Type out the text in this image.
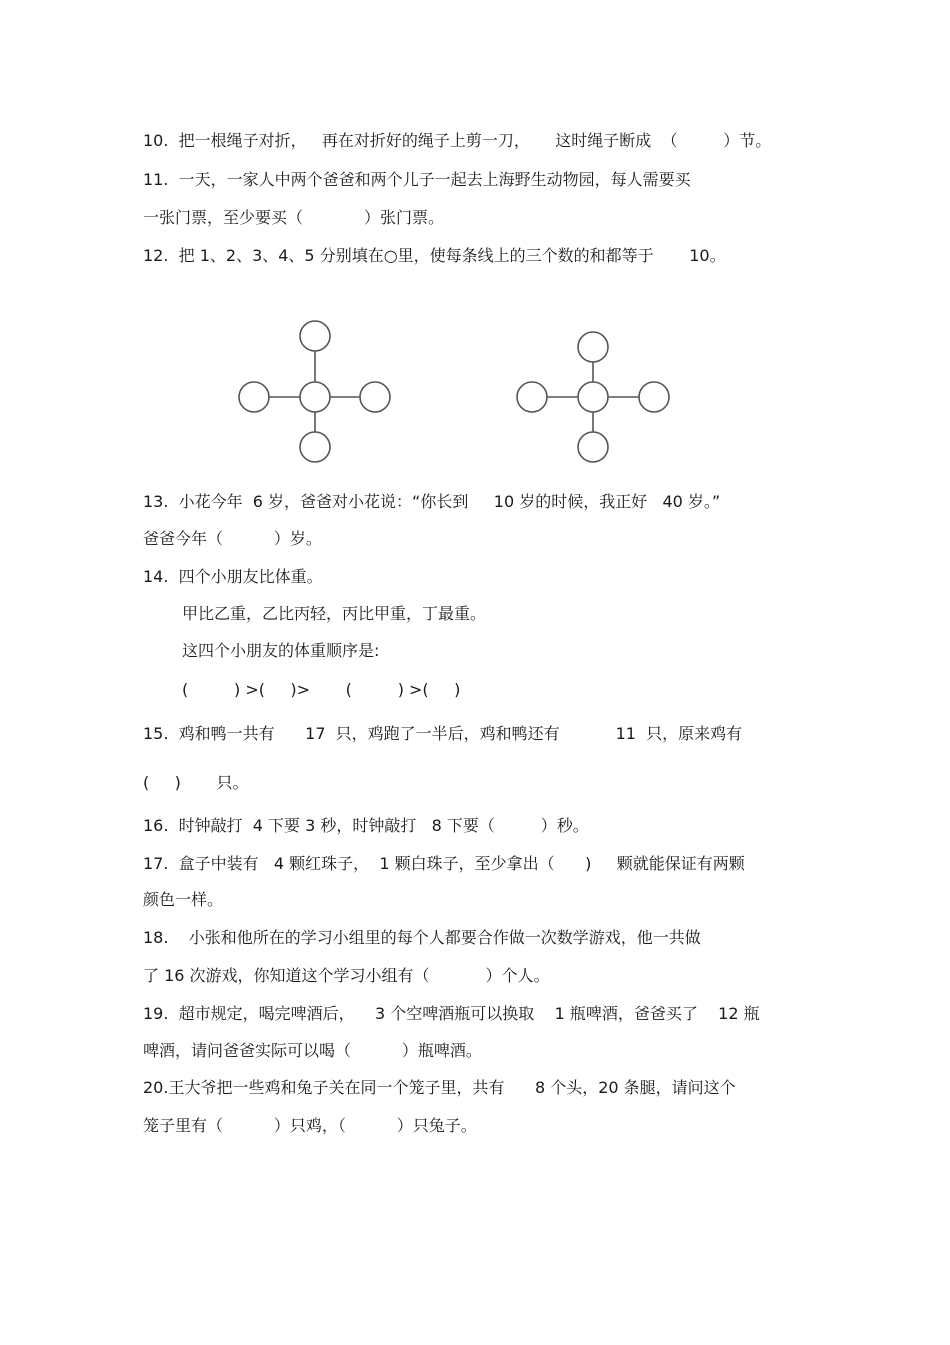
10.  把一根绳子对折，   再在对折好的绳子上剪一刀，     这时绳子断成  （         ）节。
11.  一天，一家人中两个爸爸和两个儿子一起去上海野生动物园，每人需要买
一张门票，至少要买（            ）张门票。
12.  把 1、2、3、4、5 分别填在○里，使每条线上的三个数的和都等于       10。
13.  小花今年  6 岁，爸爸对小花说：“你长到     10 岁的时候，我正好   40 岁。”
爸爸今年（          ）岁。
14.  四个小朋友比体重。
甲比乙重，乙比丙轻，丙比甲重，丁最重。
这四个小朋友的体重顺序是:
(         ) >(     )>       (         ) >(     )
15.  鸡和鸭一共有      17  只，鸡跑了一半后，鸡和鸭还有           11  只，原来鸡有
(     )       只。
16.  时钟敲打  4 下要 3 秒，时钟敲打   8 下要（         ）秒。
17.  盒子中装有   4 颗红珠子，  1 颗白珠子，至少拿出（      )     颗就能保证有两颗
颜色一样。
18.    小张和他所在的学习小组里的每个人都要合作做一次数学游戏，他一共做
了 16 次游戏，你知道这个学习小组有（           ）个人。
19.  超市规定，喝完啤酒后，    3 个空啤酒瓶可以换取    1 瓶啤酒，爸爸买了    12 瓶
啤酒，请问爸爸实际可以喝（          ）瓶啤酒。
20.王大爷把一些鸡和兔子关在同一个笼子里，共有      8 个头，20 条腿，请问这个
笼子里有（          ）只鸡，（          ）只兔子。
